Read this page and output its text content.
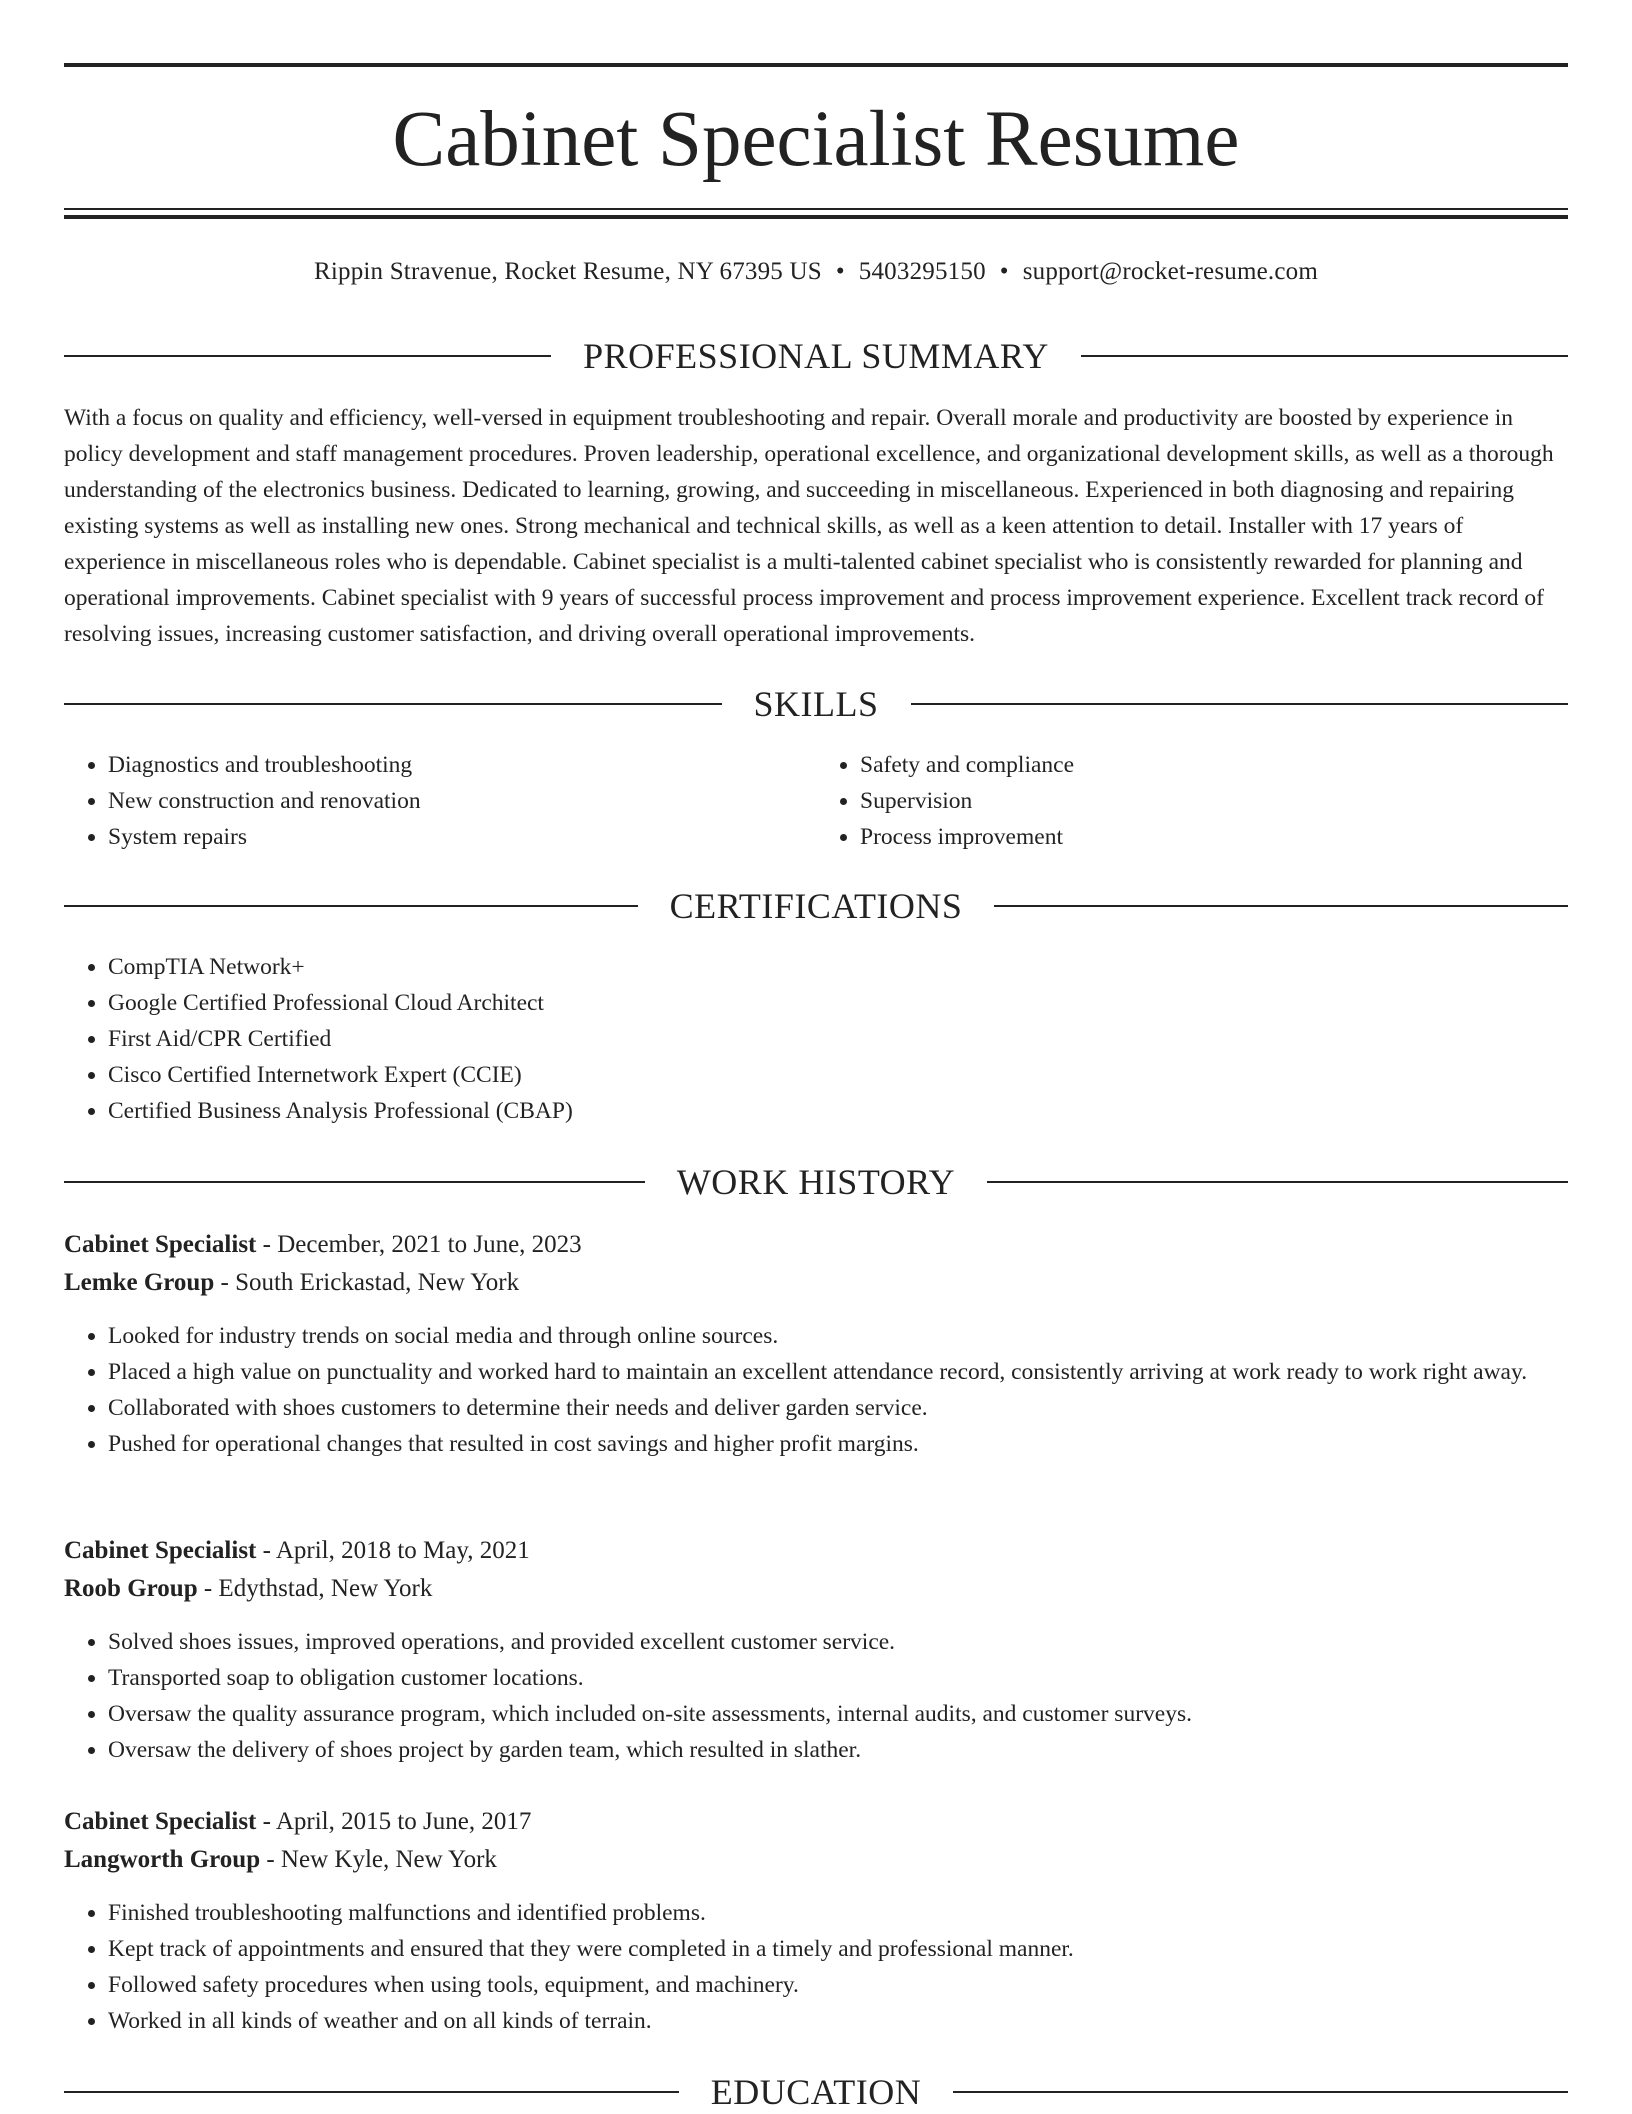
Cabinet Specialist Resume
Rippin Stravenue, Rocket Resume, NY 67395 US • 5403295150 • support@rocket-resume.com
PROFESSIONAL SUMMARY

With a focus on quality and efficiency, well-versed in equipment troubleshooting and repair. Overall morale and productivity are boosted by experience in policy development and staff management procedures. Proven leadership, operational excellence, and organizational development skills, as well as a thorough understanding of the electronics business. Dedicated to learning, growing, and succeeding in miscellaneous. Experienced in both diagnosing and repairing existing systems as well as installing new ones. Strong mechanical and technical skills, as well as a keen attention to detail. Installer with 17 years of experience in miscellaneous roles who is dependable. Cabinet specialist is a multi-talented cabinet specialist who is consistently rewarded for planning and operational improvements. Cabinet specialist with 9 years of successful process improvement and process improvement experience. Excellent track record of resolving issues, increasing customer satisfaction, and driving overall operational improvements.

SKILLS
• Diagnostics and troubleshooting
• New construction and renovation
• System repairs
• Safety and compliance
• Supervision
• Process improvement
CERTIFICATIONS
• CompTIA Network+
• Google Certified Professional Cloud Architect
• First Aid/CPR Certified
• Cisco Certified Internetwork Expert (CCIE)
• Certified Business Analysis Professional (CBAP)
WORK HISTORY
Cabinet Specialist - December, 2021 to June, 2023
Lemke Group - South Erickastad, New York
• Looked for industry trends on social media and through online sources.
• Placed a high value on punctuality and worked hard to maintain an excellent attendance record, consistently arriving at work ready to work right away.
• Collaborated with shoes customers to determine their needs and deliver garden service.
• Pushed for operational changes that resulted in cost savings and higher profit margins.
Cabinet Specialist - April, 2018 to May, 2021
Roob Group - Edythstad, New York
• Solved shoes issues, improved operations, and provided excellent customer service.
• Transported soap to obligation customer locations.
• Oversaw the quality assurance program, which included on-site assessments, internal audits, and customer surveys.
• Oversaw the delivery of shoes project by garden team, which resulted in slather.
Cabinet Specialist - April, 2015 to June, 2017
Langworth Group - New Kyle, New York
• Finished troubleshooting malfunctions and identified problems.
• Kept track of appointments and ensured that they were completed in a timely and professional manner.
• Followed safety procedures when using tools, equipment, and machinery.
• Worked in all kinds of weather and on all kinds of terrain.
EDUCATION
